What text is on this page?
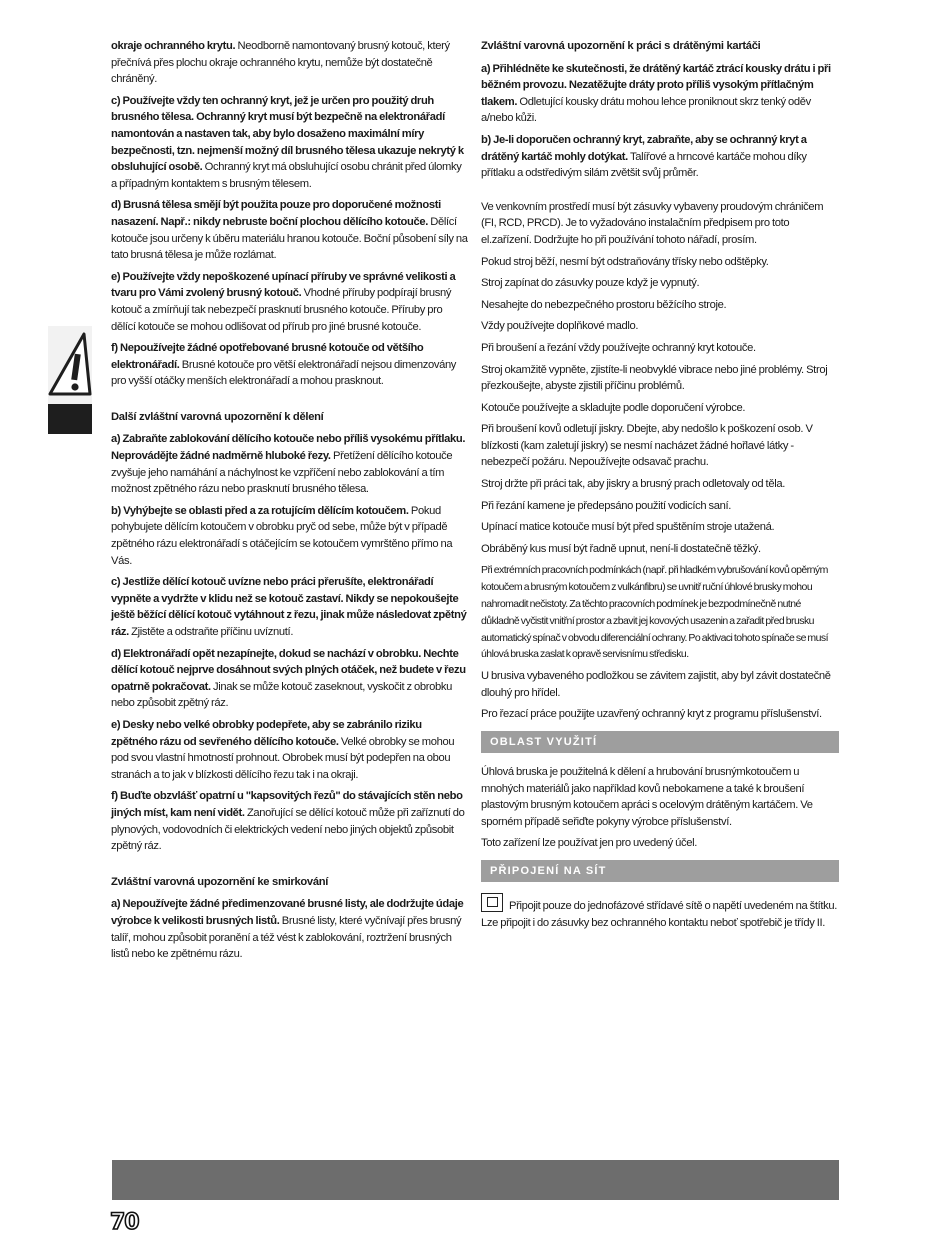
okraje ochranného krytu. Neodborně namontovaný brusný kotouč, který přečnívá přes plochu okraje ochranného krytu, nemůže být dostatečně chráněný.

c) Používejte vždy ten ochranný kryt, jež je určen pro použitý druh brusného tělesa. Ochranný kryt musí být bezpečně na elektronářadí namontován a nastaven tak, aby bylo dosaženo maximální míry bezpečnosti, tzn. nejmenší možný díl brusného tělesa ukazuje nekrytý k obsluhující osobě. Ochranný kryt má obsluhující osobu chránit před úlomky a případným kontaktem s brusným tělesem.

d) Brusná tělesa smějí být použita pouze pro doporučené možnosti nasazení. Např.: nikdy nebruste boční plochou dělícího kotouče. Dělící kotouče jsou určeny k úběru materiálu hranou kotouče. Boční působení síly na tato brusná tělesa je může rozlámat.

e) Používejte vždy nepoškozené upínací příruby ve správné velikosti a tvaru pro Vámi zvolený brusný kotouč. Vhodné příruby podpírají brusný kotouč a zmírňují tak nebezpečí prasknutí brusného kotouče. Příruby pro dělící kotouče se mohou odlišovat od přírub pro jiné brusné kotouče.

f) Nepoužívejte žádné opotřebované brusné kotouče od většího elektronářadí. Brusné kotouče pro větší elektronářadí nejsou dimenzovány pro vyšší otáčky menších elektronářadí a mohou prasknout.

Další zvláštní varovná upozornění k dělení

a) Zabraňte zablokování dělícího kotouče nebo příliš vysokému přítlaku. Neprovádějte žádné nadměrně hluboké řezy. Přetížení dělícího kotouče zvyšuje jeho namáhání a náchylnost ke vzpříčení nebo zablokování a tím možnost zpětného rázu nebo prasknutí brusného tělesa.

b) Vyhýbejte se oblasti před a za rotujícím dělícím kotoučem. Pokud pohybujete dělícím kotoučem v obrobku pryč od sebe, může být v případě zpětného rázu elektronářadí s otáčejícím se kotoučem vymrštěno přímo na Vás.

c) Jestliže dělící kotouč uvízne nebo práci přerušíte, elektronářadí vypněte a vydržte v klidu než se kotouč zastaví. Nikdy se nepokoušejte ještě běžící dělící kotouč vytáhnout z řezu, jinak může následovat zpětný ráz. Zjistěte a odstraňte příčinu uvíznutí.

d) Elektronářadí opět nezapínejte, dokud se nachází v obrobku. Nechte dělící kotouč nejprve dosáhnout svých plných otáček, než budete v řezu opatrně pokračovat. Jinak se může kotouč zaseknout, vyskočit z obrobku nebo způsobit zpětný ráz.

e) Desky nebo velké obrobky podepřete, aby se zabránilo riziku zpětného rázu od sevřeného dělícího kotouče. Velké obrobky se mohou pod svou vlastní hmotností prohnout. Obrobek musí být podepřen na obou stranách a to jak v blízkosti dělícího řezu tak i na okraji.

f) Buďte obzvlášť opatrní u "kapsovitých řezů" do stávajících stěn nebo jiných míst, kam není vidět. Zanořující se dělící kotouč může při zaříznutí do plynových, vodovodních či elektrických vedení nebo jiných objektů způsobit zpětný ráz.

Zvláštní varovná upozornění ke smirkování

a) Nepoužívejte žádné předimenzované brusné listy, ale dodržujte údaje výrobce k velikosti brusných listů. Brusné listy, které vyčnívají přes brusný talíř, mohou způsobit poranění a též vést k zablokování, roztržení brusných listů nebo ke zpětnému rázu.

Zvláštní varovná upozornění k práci s drátěnými kartáči

a) Přihlédněte ke skutečnosti, že drátěný kartáč ztrácí kousky drátu i při běžném provozu. Nezatěžujte dráty proto příliš vysokým přítlačným tlakem. Odletující kousky drátu mohou lehce proniknout skrz tenký oděv a/nebo kůži.

b) Je-li doporučen ochranný kryt, zabraňte, aby se ochranný kryt a drátěný kartáč mohly dotýkat. Talířové a hrncové kartáče mohou díky přítlaku a odstředivým silám zvětšit svůj průměr.

Ve venkovním prostředí musí být zásuvky vybaveny proudovým chráničem (FI, RCD, PRCD). Je to vyžadováno instalačním předpisem pro toto el.zařízení. Dodržujte ho při používání tohoto nářadí, prosím.

Pokud stroj běží, nesmí být odstraňovány třísky nebo odštěpky.

Stroj zapínat do zásuvky pouze když je vypnutý.

Nesahejte do nebezpečného prostoru běžícího stroje.

Vždy používejte doplňkové madlo.

Při broušení a řezání vždy používejte ochranný kryt kotouče.

Stroj okamžitě vypněte, zjistíte-li neobvyklé vibrace nebo jiné problémy. Stroj přezkoušejte, abyste zjistili příčinu problémů.

Kotouče používejte a skladujte podle doporučení výrobce.

Při broušení kovů odletují jiskry. Dbejte, aby nedošlo k poškození osob. V blízkosti (kam zaletují jiskry) se nesmí nacházet žádné hořlavé látky - nebezpečí požáru. Nepoužívejte odsavač prachu.

Stroj držte při práci tak, aby jiskry a brusný prach odletovaly od těla.

Při řezání kamene je předepsáno použití vodicích saní.

Upínací matice kotouče musí být před spuštěním stroje utažená.

Obráběný kus musí být řadně upnut, není-li dostatečně těžký.

Při extrémních pracovních podmínkách (např. při hladkém vybrušování kovů opěrným kotoučem a brusným kotoučem z vulkánfibru) se uvnitř ruční úhlové brusky mohou nahromadit nečistoty. Za těchto pracovních podmínek je bezpodmínečně nutné důkladně vyčistit vnitřní prostor a zbavit jej kovových usazenin a zařadit před brusku automatický spínač v obvodu diferenciální ochrany. Po aktivaci tohoto spínače se musí úhlová bruska zaslat k opravě servisnímu středisku.

U brusiva vybaveného podložkou se závitem zajistit, aby byl závit dostatečně dlouhý pro hřídel.

Pro řezací práce použijte uzavřený ochranný kryt z programu příslušenství.

OBLAST VYUŽITÍ

Úhlová bruska je použitelná k dělení a hrubování brusnýmkotoučem u mnohých materiálů jako například kovů nebokamene a také k broušení plastovým brusným kotoučem apráci s ocelovým drátěným kartáčem. Ve sporném případě seřiďte pokyny výrobce příslušenství.

Toto zařízení lze používat jen pro uvedený účel.

PŘIPOJENÍ NA SÍT

Připojit pouze do jednofázové střídavé sítě o napětí uvedeném na štítku. Lze připojit i do zásuvky bez ochranného kontaktu neboť spotřebič je třídy II.

70
